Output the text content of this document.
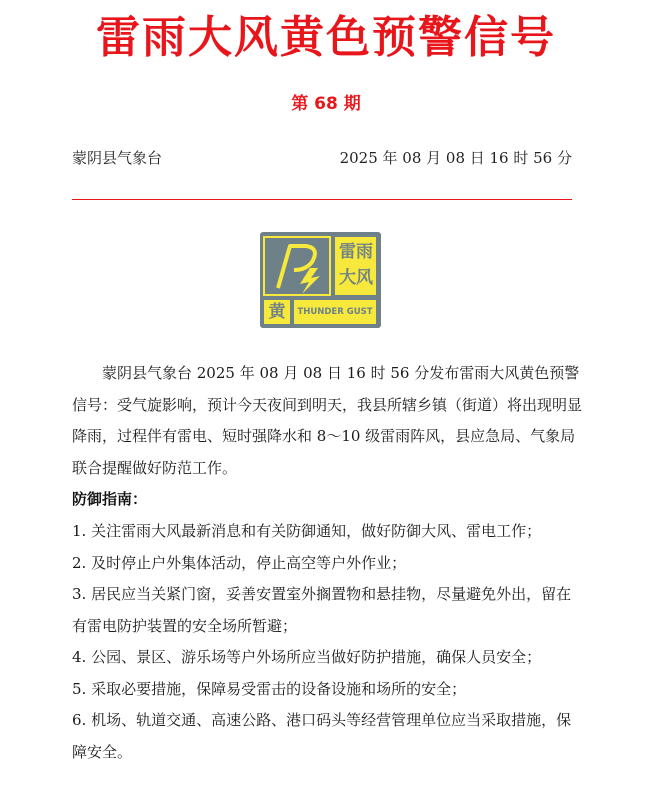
雷雨大风黄色预警信号
第 68 期
蒙阴县气象台	2025 年 08 月 08 日 16 时 56 分
雷雨大风
黄	THUNDER GUST
蒙阴县气象台 2025 年 08 月 08 日 16 时 56 分发布雷雨大风黄色预警信号：受气旋影响，预计今天夜间到明天，我县所辖乡镇（街道）将出现明显降雨，过程伴有雷电、短时强降水和 8～10 级雷雨阵风，县应急局、气象局联合提醒做好防范工作。
防御指南：
1. 关注雷雨大风最新消息和有关防御通知，做好防御大风、雷电工作；
2. 及时停止户外集体活动，停止高空等户外作业；
3. 居民应当关紧门窗，妥善安置室外搁置物和悬挂物，尽量避免外出，留在有雷电防护装置的安全场所暂避；
4. 公园、景区、游乐场等户外场所应当做好防护措施，确保人员安全；
5. 采取必要措施，保障易受雷击的设备设施和场所的安全；
6. 机场、轨道交通、高速公路、港口码头等经营管理单位应当采取措施，保障安全。
